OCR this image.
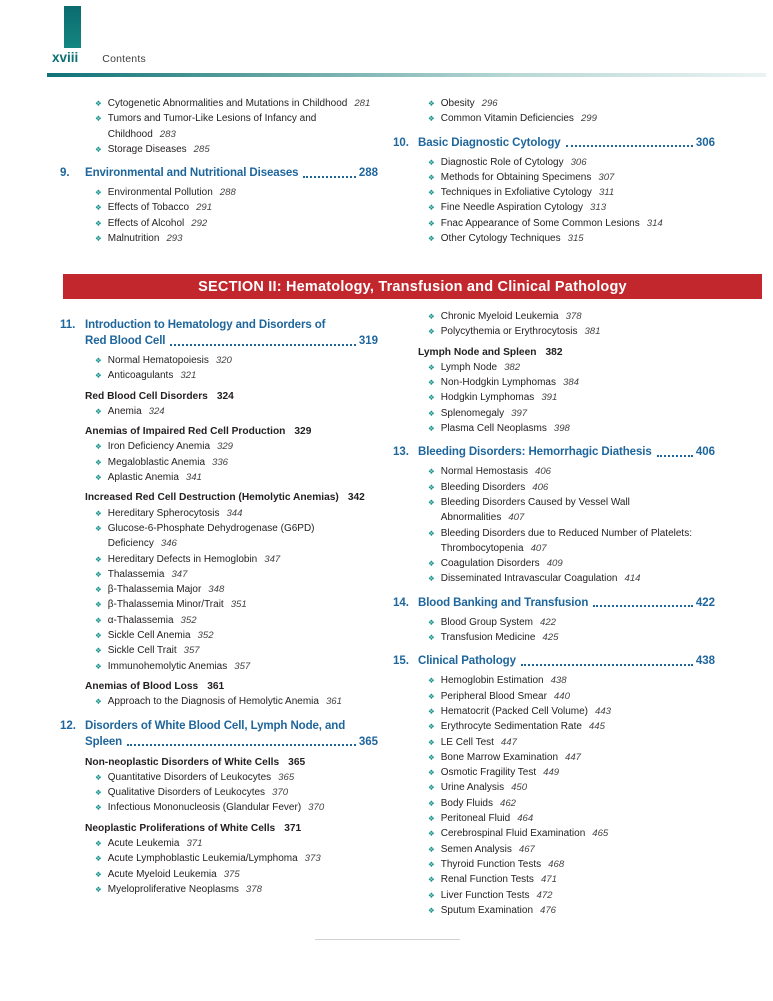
xviii Contents
❖ Cytogenetic Abnormalities and Mutations in Childhood 281
❖ Tumors and Tumor-Like Lesions of Infancy and Childhood 283
❖ Storage Diseases 285
9.	Environmental and Nutritional Diseases	288
❖ Environmental Pollution 288
❖ Effects of Tobacco 291
❖ Effects of Alcohol 292
❖ Malnutrition 293
❖ Obesity 296
❖ Common Vitamin Deficiencies 299
10. Basic Diagnostic Cytology	306
❖ Diagnostic Role of Cytology 306
❖ Methods for Obtaining Specimens 307
❖ Techniques in Exfoliative Cytology 311
❖ Fine Needle Aspiration Cytology 313
❖ Fnac Appearance of Some Common Lesions 314
❖ Other Cytology Techniques 315
SECTION II: Hematology, Transfusion and Clinical Pathology
11. Introduction to Hematology and Disorders of
Red Blood Cell	319
❖ Normal Hematopoiesis 320
❖ Anticoagulants 321
Red Blood Cell Disorders 324
❖ Anemia 324
Anemias of Impaired Red Cell Production 329
❖ Iron Deficiency Anemia 329
❖ Megaloblastic Anemia 336
❖ Aplastic Anemia 341
Increased Red Cell Destruction (Hemolytic Anemias) 342
❖ Hereditary Spherocytosis 344
❖ Glucose-6-Phosphate Dehydrogenase (G6PD) Deficiency 346
❖ Hereditary Defects in Hemoglobin 347
❖ Thalassemia 347
❖ β-Thalassemia Major 348
❖ β-Thalassemia Minor/Trait 351
❖ α-Thalassemia 352
❖ Sickle Cell Anemia 352
❖ Sickle Cell Trait 357
❖ Immunohemolytic Anemias 357
Anemias of Blood Loss 361
❖ Approach to the Diagnosis of Hemolytic Anemia 361
12. Disorders of White Blood Cell, Lymph Node, and
Spleen	365
Non-neoplastic Disorders of White Cells 365
❖ Quantitative Disorders of Leukocytes 365
❖ Qualitative Disorders of Leukocytes 370
❖ Infectious Mononucleosis (Glandular Fever) 370
Neoplastic Proliferations of White Cells 371
❖ Acute Leukemia 371
❖ Acute Lymphoblastic Leukemia/Lymphoma 373
❖ Acute Myeloid Leukemia 375
❖ Myeloproliferative Neoplasms 378
❖ Chronic Myeloid Leukemia 378
❖ Polycythemia or Erythrocytosis 381
Lymph Node and Spleen 382
❖ Lymph Node 382
❖ Non-Hodgkin Lymphomas 384
❖ Hodgkin Lymphomas 391
❖ Splenomegaly 397
❖ Plasma Cell Neoplasms 398
13. Bleeding Disorders: Hemorrhagic Diathesis	406
❖ Normal Hemostasis 406
❖ Bleeding Disorders 406
❖ Bleeding Disorders Caused by Vessel Wall Abnormalities 407
❖ Bleeding Disorders due to Reduced Number of Platelets: Thrombocytopenia 407
❖ Coagulation Disorders 409
❖ Disseminated Intravascular Coagulation 414
14. Blood Banking and Transfusion	422
❖ Blood Group System 422
❖ Transfusion Medicine 425
15. Clinical Pathology	438
❖ Hemoglobin Estimation 438
❖ Peripheral Blood Smear 440
❖ Hematocrit (Packed Cell Volume) 443
❖ Erythrocyte Sedimentation Rate 445
❖ LE Cell Test 447
❖ Bone Marrow Examination 447
❖ Osmotic Fragility Test 449
❖ Urine Analysis 450
❖ Body Fluids 462
❖ Peritoneal Fluid 464
❖ Cerebrospinal Fluid Examination 465
❖ Semen Analysis 467
❖ Thyroid Function Tests 468
❖ Renal Function Tests 471
❖ Liver Function Tests 472
❖ Sputum Examination 476
